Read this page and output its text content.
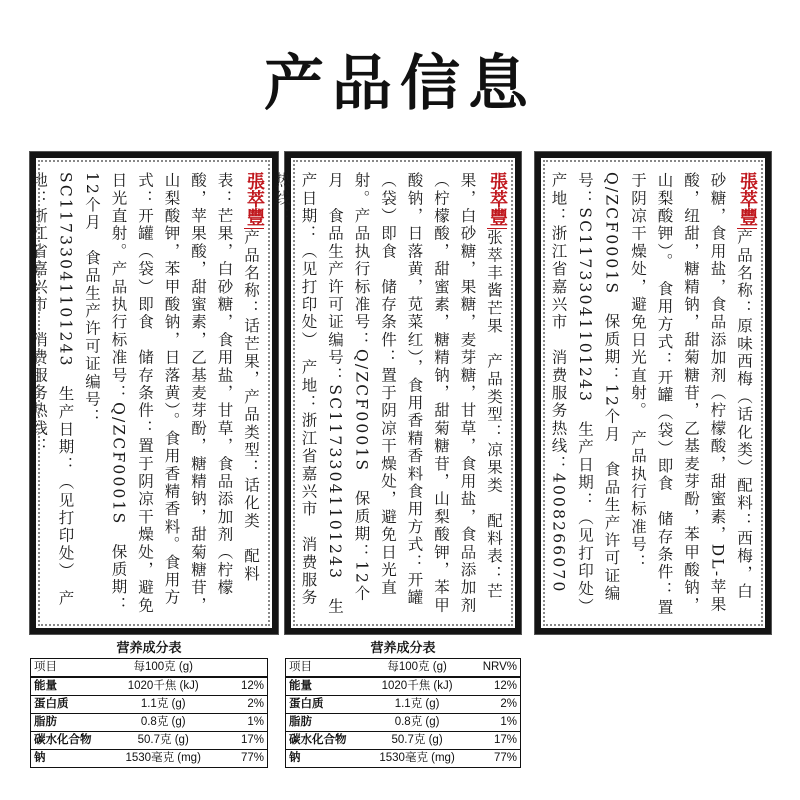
产品信息
張萃豐
产品名称：话芒果，产品类型：话化类　配料表：芒果，白砂糖，食用盐，甘草，食品添加剂（柠檬酸，苹果酸，甜蜜素，乙基麦芽酚，糖精钠，甜菊糖苷，山梨酸钾，苯甲酸钠，日落黄）。食用香精香料。食用方式：开罐（袋）即食　储存条件：置于阴凉干燥处，避免日光直射。产品执行标准号：Q/ZCF0001S　保质期：12个月　食品生产许可证编号：SC11733041101243　生产日期：（见打印处）　产地：浙江省嘉兴市　消费服务热线：	張萃豐
张萃丰酱芒果　产品类型：凉果类　配料表：芒果，白砂糖，果糖，麦芽糖，甘草，食用盐，食品添加剂（柠檬酸，甜蜜素，糖精钠，甜菊糖苷，山梨酸钾，苯甲酸钠，日落黄，苋菜红），食用香精香料食用方式：开罐（袋）即食　储存条件：置于阴凉干燥处，避免日光直射。产品执行标准号：Q/ZCF0001S　保质期：12个月　食品生产许可证编号：SC11733041101243　生产日期：（见打印处）　产地：浙江省嘉兴市　消费服务热线：	張萃豐
产品名称：原味西梅（话化类）配料：西梅，白砂糖，食用盐，食品添加剂（柠檬酸，甜蜜素，DL-苹果酸，纽甜，糖精钠，甜菊糖苷，乙基麦芽酚，苯甲酸钠，山梨酸钾）。　食用方式：开罐（袋）即食　储存条件：置于阴凉干燥处，避免日光直射。　产品执行标准号：Q/ZCF0001S　保质期：12个月　食品生产许可证编号：SC11733041101243　生产日期：（见打印处）　产地：浙江省嘉兴市　消费服务热线：4008266070
营养成分表
项目	每100克 (g)	
能量	1020千焦 (kJ)	12%
蛋白质	1.1克 (g)	2%
脂肪	0.8克 (g)	1%
碳水化合物	50.7克 (g)	17%
钠	1530毫克 (mg)	77%
营养成分表
项目	每100克 (g)	NRV%
能量	1020千焦 (kJ)	12%
蛋白质	1.1克 (g)	2%
脂肪	0.8克 (g)	1%
碳水化合物	50.7克 (g)	17%
钠	1530毫克 (mg)	77%
